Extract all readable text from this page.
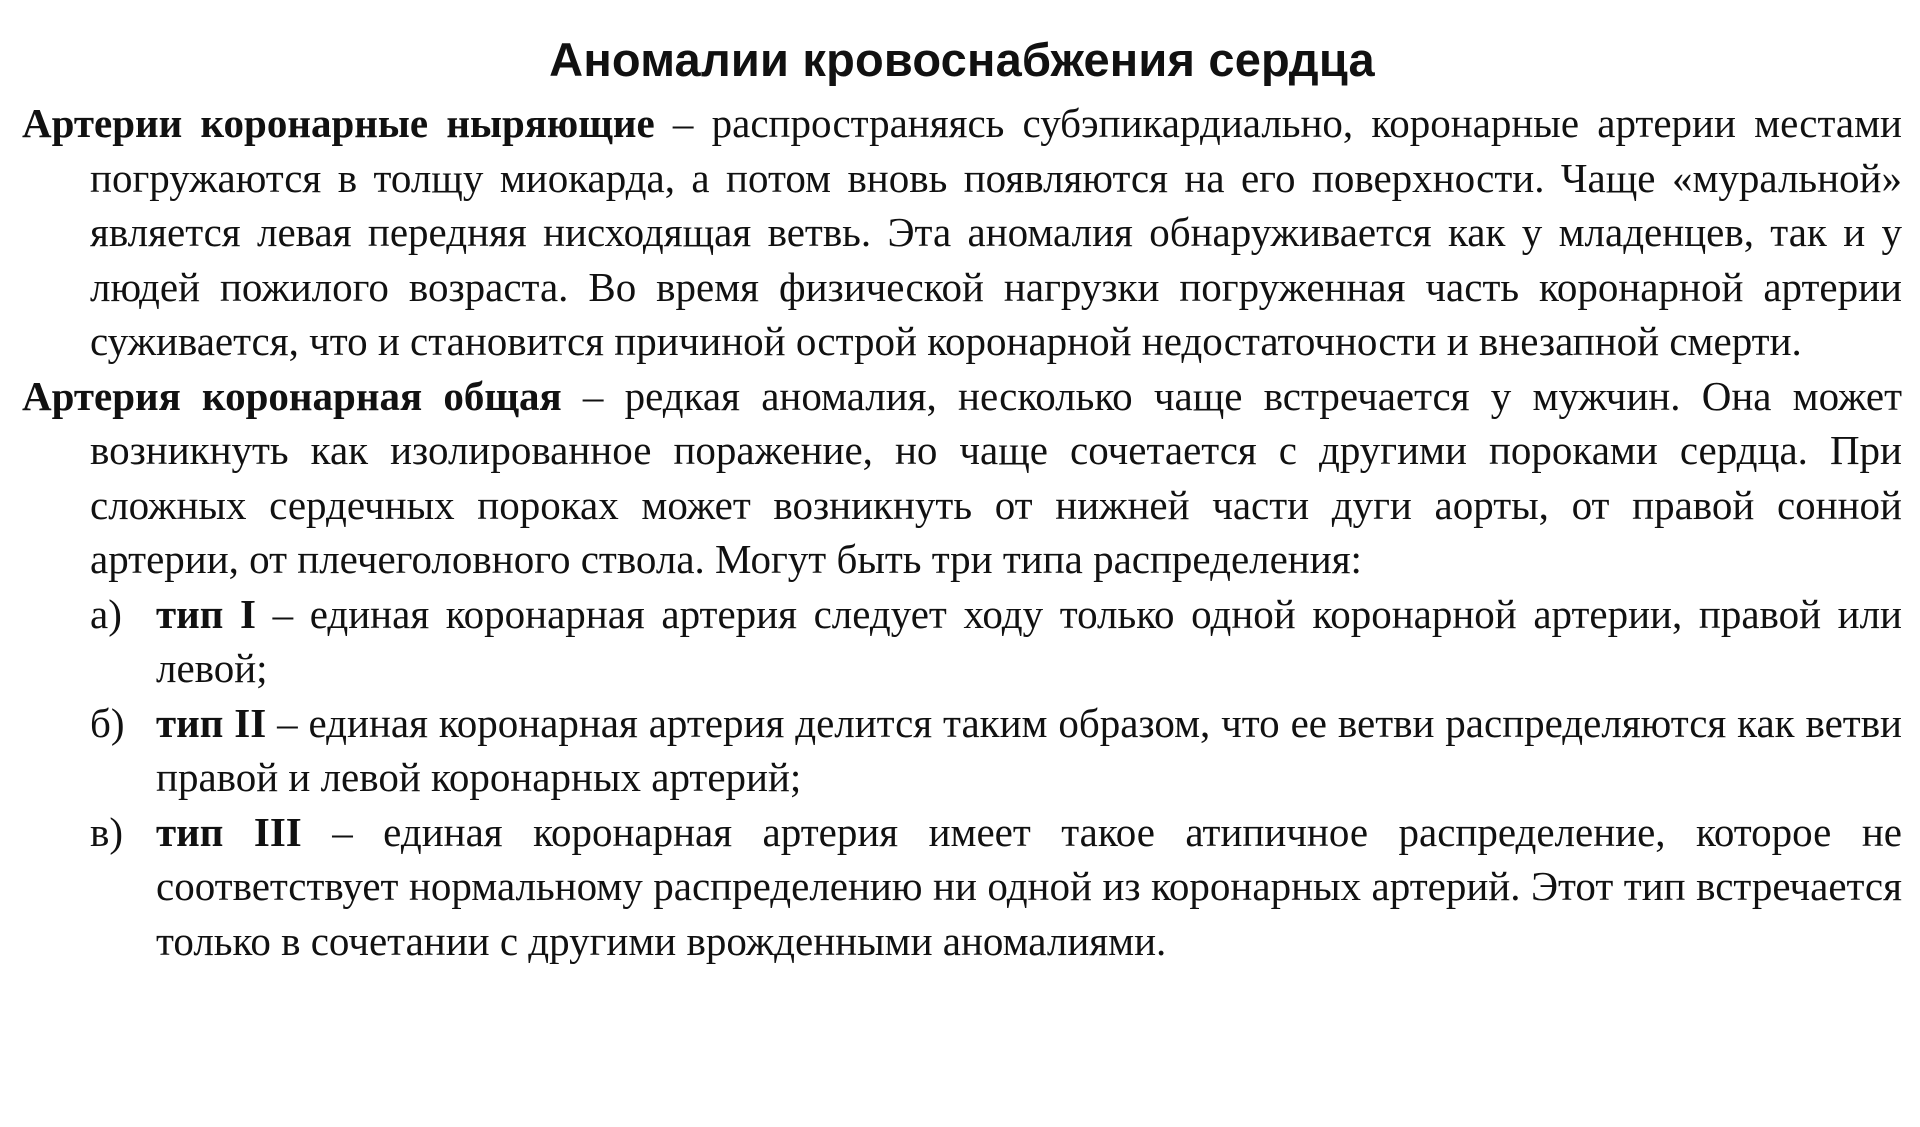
Аномалии кровоснабжения сердца

Артерии коронарные ныряющие – распространяясь субэпикардиально, коронарные артерии местами погружаются в толщу миокарда, а потом вновь появляются на его поверхности. Чаще «муральной» является левая передняя нисходящая ветвь. Эта аномалия обнаруживается как у младенцев, так и у людей пожилого возраста. Во время физической нагрузки погруженная часть коронарной артерии суживается, что и становится причиной острой коронарной недостаточности и внезапной смерти.

Артерия коронарная общая – редкая аномалия, несколько чаще встречается у мужчин. Она может возникнуть как изолированное поражение, но чаще сочетается с другими пороками сердца. При сложных сердечных пороках может возникнуть от нижней части дуги аорты, от правой сонной артерии, от плечеголовного ствола. Могут быть три типа распределения:

а) тип I – единая коронарная артерия следует ходу только одной коронарной артерии, правой или левой;
б) тип II – единая коронарная артерия делится таким образом, что ее ветви распределяются как ветви правой и левой коронарных артерий;
в) тип III – единая коронарная артерия имеет такое атипичное распределение, которое не соответствует нормальному распределению ни одной из коронарных артерий. Этот тип встречается только в сочетании с другими врожденными аномалиями.
